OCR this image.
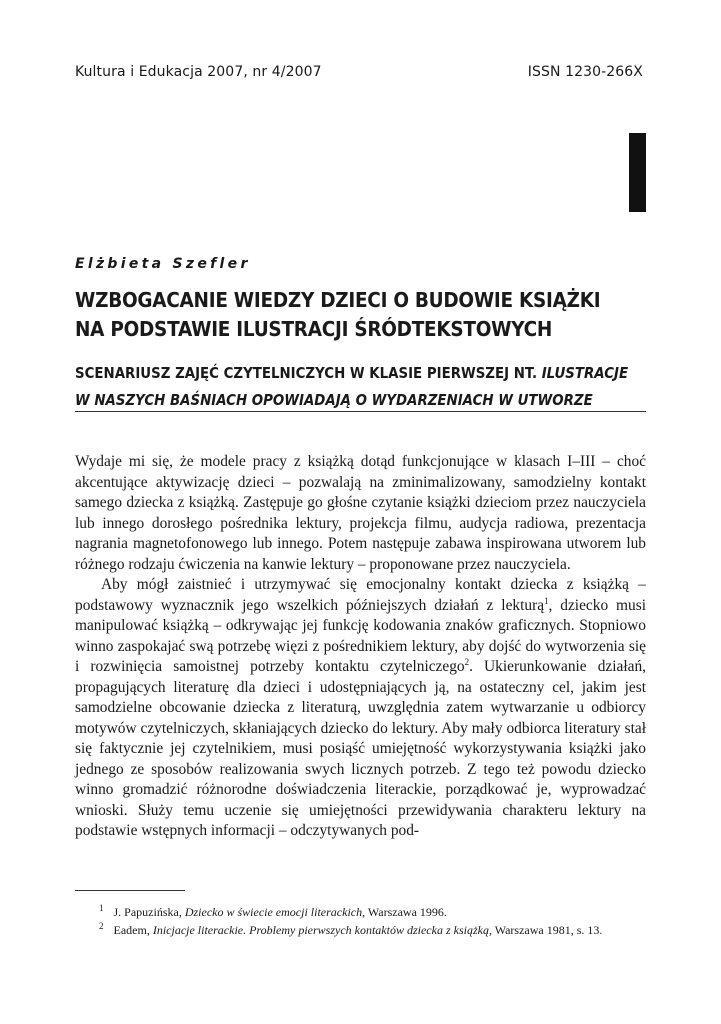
Kultura i Edukacja 2007, nr 4/2007	ISSN 1230-266X
Elżbieta Szefler
WZBOGACANIE WIEDZY DZIECI O BUDOWIE KSIĄŻKI
NA PODSTAWIE ILUSTRACJI ŚRÓDTEKSTOWYCH
SCENARIUSZ ZAJĘĆ CZYTELNICZYCH W KLASIE PIERWSZEJ NT. ILUSTRACJE
W NASZYCH BAŚNIACH OPOWIADAJĄ O WYDARZENIACH W UTWORZE

Wydaje mi się, że modele pracy z książką dotąd funkcjonujące w klasach I–III – choć akcentujące aktywizację dzieci – pozwalają na zminimalizowany, samodzielny kontakt samego dziecka z książką. Zastępuje go głośne czytanie książki dzieciom przez nauczyciela lub innego dorosłego pośrednika lektury, projekcja filmu, audycja radiowa, prezentacja nagrania magnetofonowego lub innego. Potem następuje zabawa inspirowana utworem lub różnego rodzaju ćwiczenia na kanwie lektury – proponowane przez nauczyciela.

Aby mógł zaistnieć i utrzymywać się emocjonalny kontakt dziecka z książką – podstawowy wyznacznik jego wszelkich późniejszych działań z lekturą$^1$, dziecko musi manipulować książką – odkrywając jej funkcję kodowania znaków graficznych. Stopniowo winno zaspokajać swą potrzebę więzi z pośrednikiem lektury, aby dojść do wytworzenia się i rozwinięcia samoistnej potrzeby kontaktu czytelniczego$^2$. Ukierunkowanie działań, propagujących literaturę dla dzieci i udostępniających ją, na ostateczny cel, jakim jest samodzielne obcowanie dziecka z literaturą, uwzględnia zatem wytwarzanie u odbiorcy motywów czytelniczych, skłaniających dziecko do lektury. Aby mały odbiorca literatury stał się faktycznie jej czytelnikiem, musi posiąść umiejętność wykorzystywania książki jako jednego ze sposobów realizowania swych licznych potrzeb. Z tego też powodu dziecko winno gromadzić różnorodne doświadczenia literackie, porządkować je, wyprowadzać wnioski. Służy temu uczenie się umiejętności przewidywania charakteru lektury na podstawie wstępnych informacji – odczytywanych pod-

$^1$ J. Papuzińska, Dziecko w świecie emocji literackich, Warszawa 1996.
$^2$ Eadem, Inicjacje literackie. Problemy pierwszych kontaktów dziecka z książką, Warszawa 1981, s. 13.
